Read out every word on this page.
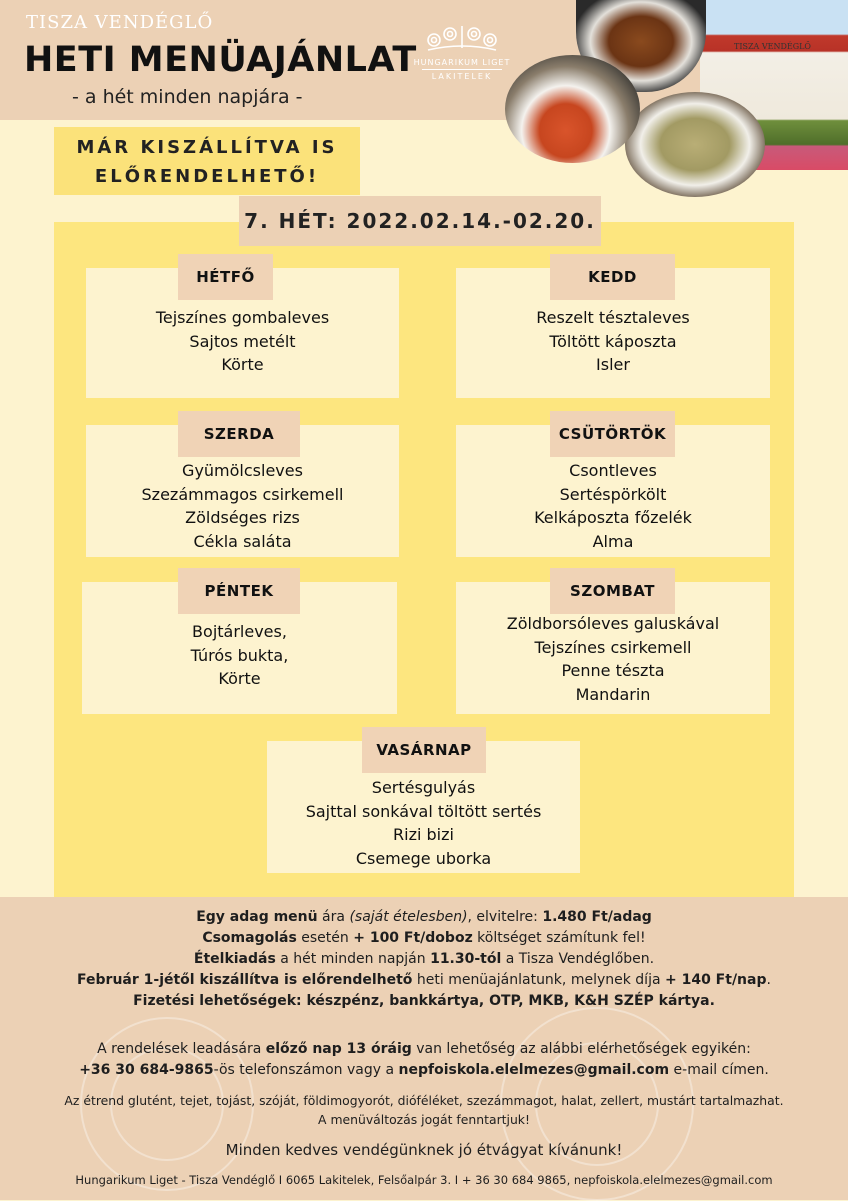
TISZA VENDÉGLŐ
HETI MENÜAJÁNLAT
- a hét minden napjára -
HUNGARIKUM LIGET
LAKITELEK
TISZA VENDÉGLŐ
MÁR KISZÁLLÍTVA IS
ELŐRENDELHETŐ!
7. HÉT: 2022.02.14.-02.20.
Tejszínes gombaleves
Sajtos metélt
Körte
HÉTFŐ
Reszelt tésztaleves
Töltött káposzta
Isler
KEDD
Gyümölcsleves
Szezámmagos csirkemell
Zöldséges rizs
Cékla saláta
SZERDA
Csontleves
Sertéspörkölt
Kelkáposzta főzelék
Alma
CSÜTÖRTÖK
Bojtárleves,
Túrós bukta,
Körte
PÉNTEK
Zöldborsóleves galuskával
Tejszínes csirkemell
Penne tészta
Mandarin
SZOMBAT
Sertésgulyás
Sajttal sonkával töltött sertés
Rizi bizi
Csemege uborka
VASÁRNAP
Egy adag menü ára (saját ételesben), elvitelre: 1.480 Ft/adag
Csomagolás esetén + 100 Ft/doboz költséget számítunk fel!
Ételkiadás a hét minden napján 11.30-tól a Tisza Vendéglőben.
Február 1-jétől kiszállítva is előrendelhető heti menüajánlatunk, melynek díja + 140 Ft/nap.
Fizetési lehetőségek: készpénz, bankkártya, OTP, MKB, K&H SZÉP kártya.
A rendelések leadására előző nap 13 óráig van lehetőség az alábbi elérhetőségek egyikén:
+36 30 684-9865-ös telefonszámon vagy a nepfoiskola.elelmezes@gmail.com e-mail címen.
Az étrend glutént, tejet, tojást, szóját, földimogyorót, dióféléket, szezámmagot, halat, zellert, mustárt tartalmazhat.
A menüváltozás jogát fenntartjuk!
Minden kedves vendégünknek jó étvágyat kívánunk!
Hungarikum Liget - Tisza Vendéglő I 6065 Lakitelek, Felsőalpár 3. I + 36 30 684 9865, nepfoiskola.elelmezes@gmail.com
